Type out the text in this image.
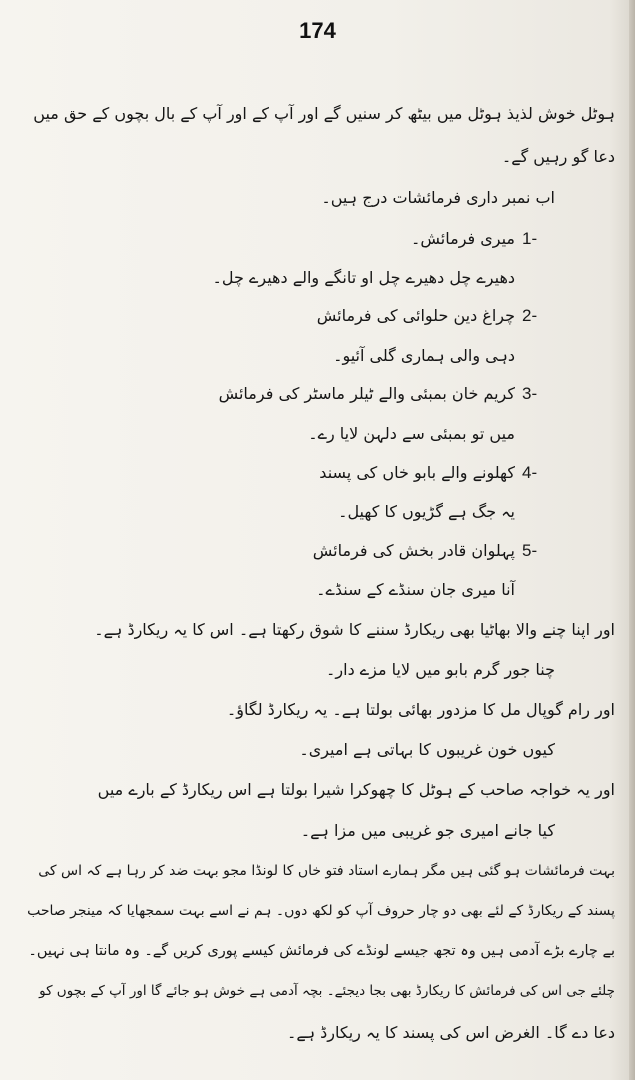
174
ہوٹل خوش لذیذ ہوٹل میں بیٹھ کر سنیں گے اور آپ کے اور آپ کے بال بچوں کے حق میں
دعا گو رہیں گے۔
اب نمبر داری فرمائشات درج ہیں۔
1-
میری فرمائش۔
دھیرے چل دھیرے چل او تانگے والے دھیرے چل۔
2-
چراغ دین حلوائی کی فرمائش
دہی والی ہماری گلی آئیو۔
3-
کریم خان بمبئی والے ٹیلر ماسٹر کی فرمائش
میں تو بمبئی سے دلہن لایا رے۔
4-
کھلونے والے بابو خاں کی پسند
یہ جگ ہے گڑیوں کا کھیل۔
5-
پہلوان قادر بخش کی فرمائش
آنا میری جان سنڈے کے سنڈے۔
اور اپنا چنے والا بھاٹیا بھی ریکارڈ سننے کا شوق رکھتا ہے۔ اس کا یہ ریکارڈ ہے۔
چنا جور گرم بابو میں لایا مزے دار۔
اور رام گوپال مل کا مزدور بھائی بولتا ہے۔ یہ ریکارڈ لگاؤ۔
کیوں خون غریبوں کا بہاتی ہے امیری۔
اور یہ خواجہ صاحب کے ہوٹل کا چھوکرا شیرا بولتا ہے اس ریکارڈ کے بارے میں
کیا جانے امیری جو غریبی میں مزا ہے۔
بہت فرمائشات ہو گئی ہیں مگر ہمارے استاد فتو خاں کا لونڈا مجو بہت ضد کر رہا ہے کہ اس کی
پسند کے ریکارڈ کے لئے بھی دو چار حروف آپ کو لکھ دوں۔ ہم نے اسے بہت سمجھایا کہ مینجر صاحب
بے چارے بڑے آدمی ہیں وہ تجھ جیسے لونڈے کی فرمائش کیسے پوری کریں گے۔ وہ مانتا ہی نہیں۔
چلئے جی اس کی فرمائش کا ریکارڈ بھی بجا دیجئے۔ بچہ آدمی ہے خوش ہو جائے گا اور آپ کے بچوں کو
دعا دے گا۔ الغرض اس کی پسند کا یہ ریکارڈ ہے۔
